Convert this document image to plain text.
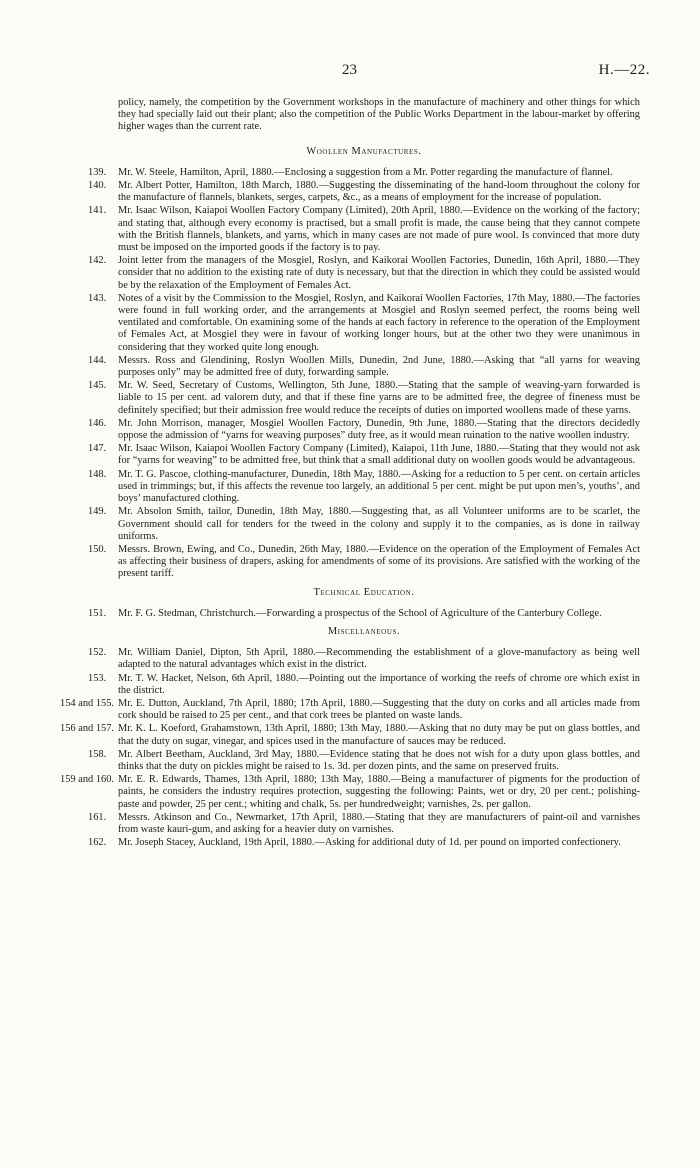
23	H.—22.

policy, namely, the competition by the Government workshops in the manufacture of machinery and other things for which they had specially laid out their plant; also the competition of the Public Works Department in the labour-market by offering higher wages than the current rate.

Woollen Manufactures.
139. Mr. W. Steele, Hamilton, April, 1880.—Enclosing a suggestion from a Mr. Potter regarding the manufacture of flannel.

140. Mr. Albert Potter, Hamilton, 18th March, 1880.—Suggesting the disseminating of the hand-loom throughout the colony for the manufacture of flannels, blankets, serges, carpets, &c., as a means of employment for the increase of population.

141. Mr. Isaac Wilson, Kaiapoi Woollen Factory Company (Limited), 20th April, 1880.—Evidence on the working of the factory; and stating that, although every economy is practised, but a small profit is made, the cause being that they cannot compete with the British flannels, blankets, and yarns, which in many cases are not made of pure wool. Is convinced that more duty must be imposed on the imported goods if the factory is to pay.

142. Joint letter from the managers of the Mosgiel, Roslyn, and Kaikorai Woollen Factories, Dunedin, 16th April, 1880.—They consider that no addition to the existing rate of duty is necessary, but that the direction in which they could be assisted would be by the relaxation of the Employment of Females Act.

143. Notes of a visit by the Commission to the Mosgiel, Roslyn, and Kaikorai Woollen Factories, 17th May, 1880.—The factories were found in full working order, and the arrangements at Mosgiel and Roslyn seemed perfect, the rooms being well ventilated and comfortable. On examining some of the hands at each factory in reference to the operation of the Employment of Females Act, at Mosgiel they were in favour of working longer hours, but at the other two they were unanimous in considering that they worked quite long enough.

144. Messrs. Ross and Glendining, Roslyn Woollen Mills, Dunedin, 2nd June, 1880.—Asking that “all yarns for weaving purposes only” may be admitted free of duty, forwarding sample.

145. Mr. W. Seed, Secretary of Customs, Wellington, 5th June, 1880.—Stating that the sample of weaving-yarn forwarded is liable to 15 per cent. ad valorem duty, and that if these fine yarns are to be admitted free, the degree of fineness must be definitely specified; but their admission free would reduce the receipts of duties on imported woollens made of these yarns.

146. Mr. John Morrison, manager, Mosgiel Woollen Factory, Dunedin, 9th June, 1880.—Stating that the directors decidedly oppose the admission of “yarns for weaving purposes” duty free, as it would mean ruination to the native woollen industry.

147. Mr. Isaac Wilson, Kaiapoi Woollen Factory Company (Limited), Kaiapoi, 11th June, 1880.—Stating that they would not ask for “yarns for weaving” to be admitted free, but think that a small additional duty on woollen goods would be advantageous.

148. Mr. T. G. Pascoe, clothing-manufacturer, Dunedin, 18th May, 1880.—Asking for a reduction to 5 per cent. on certain articles used in trimmings; but, if this affects the revenue too largely, an additional 5 per cent. might be put upon men’s, youths’, and boys’ manufactured clothing.

149. Mr. Absolon Smith, tailor, Dunedin, 18th May, 1880.—Suggesting that, as all Volunteer uniforms are to be scarlet, the Government should call for tenders for the tweed in the colony and supply it to the companies, as is done in railway uniforms.

150. Messrs. Brown, Ewing, and Co., Dunedin, 26th May, 1880.—Evidence on the operation of the Employment of Females Act as affecting their business of drapers, asking for amendments of some of its provisions. Are satisfied with the working of the present tariff.

Technical Education.
151. Mr. F. G. Stedman, Christchurch.—Forwarding a prospectus of the School of Agriculture of the Canterbury College.

Miscellaneous.
152. Mr. William Daniel, Dipton, 5th April, 1880.—Recommending the establishment of a glove-manufactory as being well adapted to the natural advantages which exist in the district.

153. Mr. T. W. Hacket, Nelson, 6th April, 1880.—Pointing out the importance of working the reefs of chrome ore which exist in the district.

154 and 155. Mr. E. Dutton, Auckland, 7th April, 1880; 17th April, 1880.—Suggesting that the duty on corks and all articles made from cork should be raised to 25 per cent., and that cork trees be planted on waste lands.

156 and 157. Mr. K. L. Koeford, Grahamstown, 13th April, 1880; 13th May, 1880.—Asking that no duty may be put on glass bottles, and that the duty on sugar, vinegar, and spices used in the manufacture of sauces may be reduced.

158. Mr. Albert Beetham, Auckland, 3rd May, 1880.—Evidence stating that he does not wish for a duty upon glass bottles, and thinks that the duty on pickles might be raised to 1s. 3d. per dozen pints, and the same on preserved fruits.

159 and 160. Mr. E. R. Edwards, Thames, 13th April, 1880; 13th May, 1880.—Being a manufacturer of pigments for the production of paints, he considers the industry requires protection, suggesting the following: Paints, wet or dry, 20 per cent.; polishing-paste and powder, 25 per cent.; whiting and chalk, 5s. per hundredweight; varnishes, 2s. per gallon.

161. Messrs. Atkinson and Co., Newmarket, 17th April, 1880.—Stating that they are manufacturers of paint-oil and varnishes from waste kauri-gum, and asking for a heavier duty on varnishes.

162. Mr. Joseph Stacey, Auckland, 19th April, 1880.—Asking for additional duty of 1d. per pound on imported confectionery.
